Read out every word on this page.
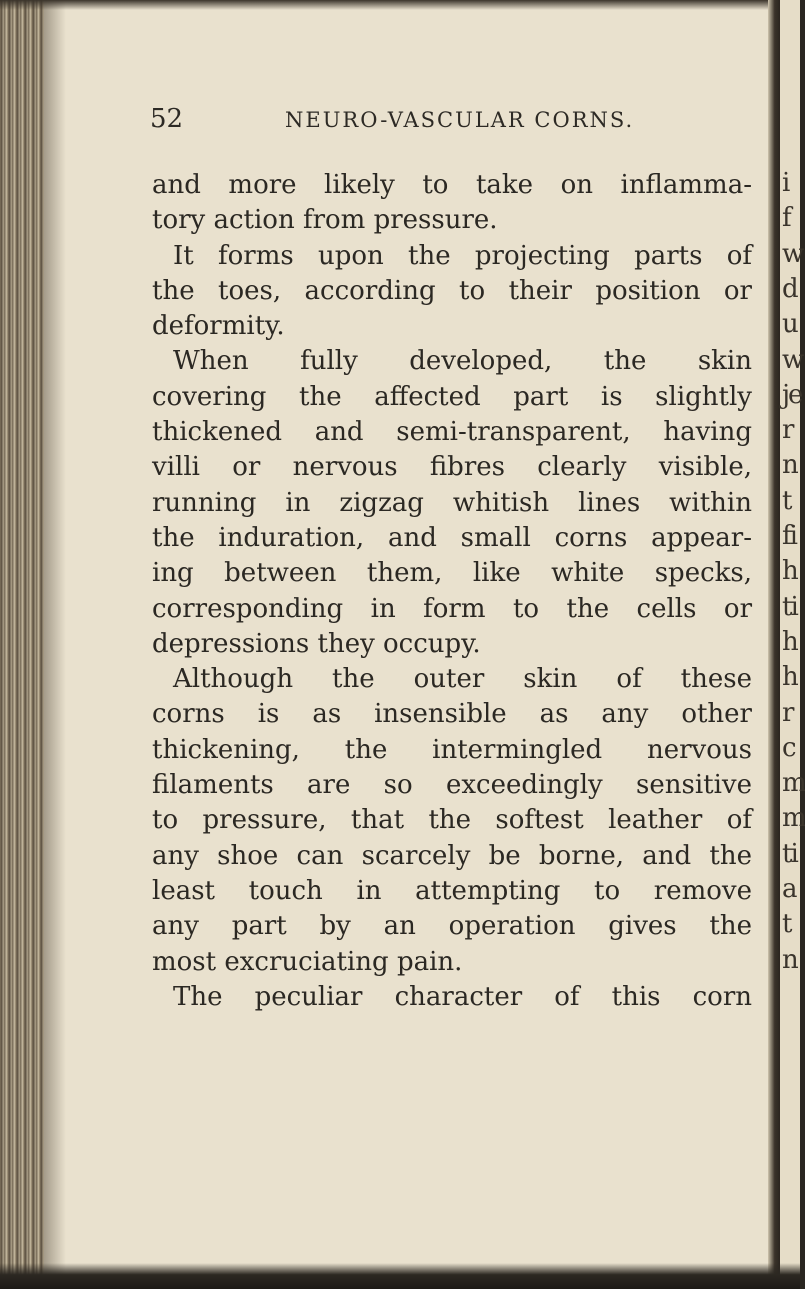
52	NEURO-VASCULAR CORNS.
and more likely to take on inflamma-
tory action from pressure.
It forms upon the projecting parts of
the toes, according to their position or
deformity.
When fully developed, the skin
covering the affected part is slightly
thickened and semi-transparent, having
villi or nervous fibres clearly visible,
running in zigzag whitish lines within
the induration, and small corns appear-
ing between them, like white specks,
corresponding in form to the cells or
depressions they occupy.
Although the outer skin of these
corns is as insensible as any other
thickening, the intermingled nervous
filaments are so exceedingly sensitive
to pressure, that the softest leather of
any shoe can scarcely be borne, and the
least touch in attempting to remove
any part by an operation gives the
most excruciating pain.
The peculiar character of this corn
i
f
w
d
u
w
je
r
n
t
fi
h
ti
h
h
r
c
m
m
ti
a
t
n
